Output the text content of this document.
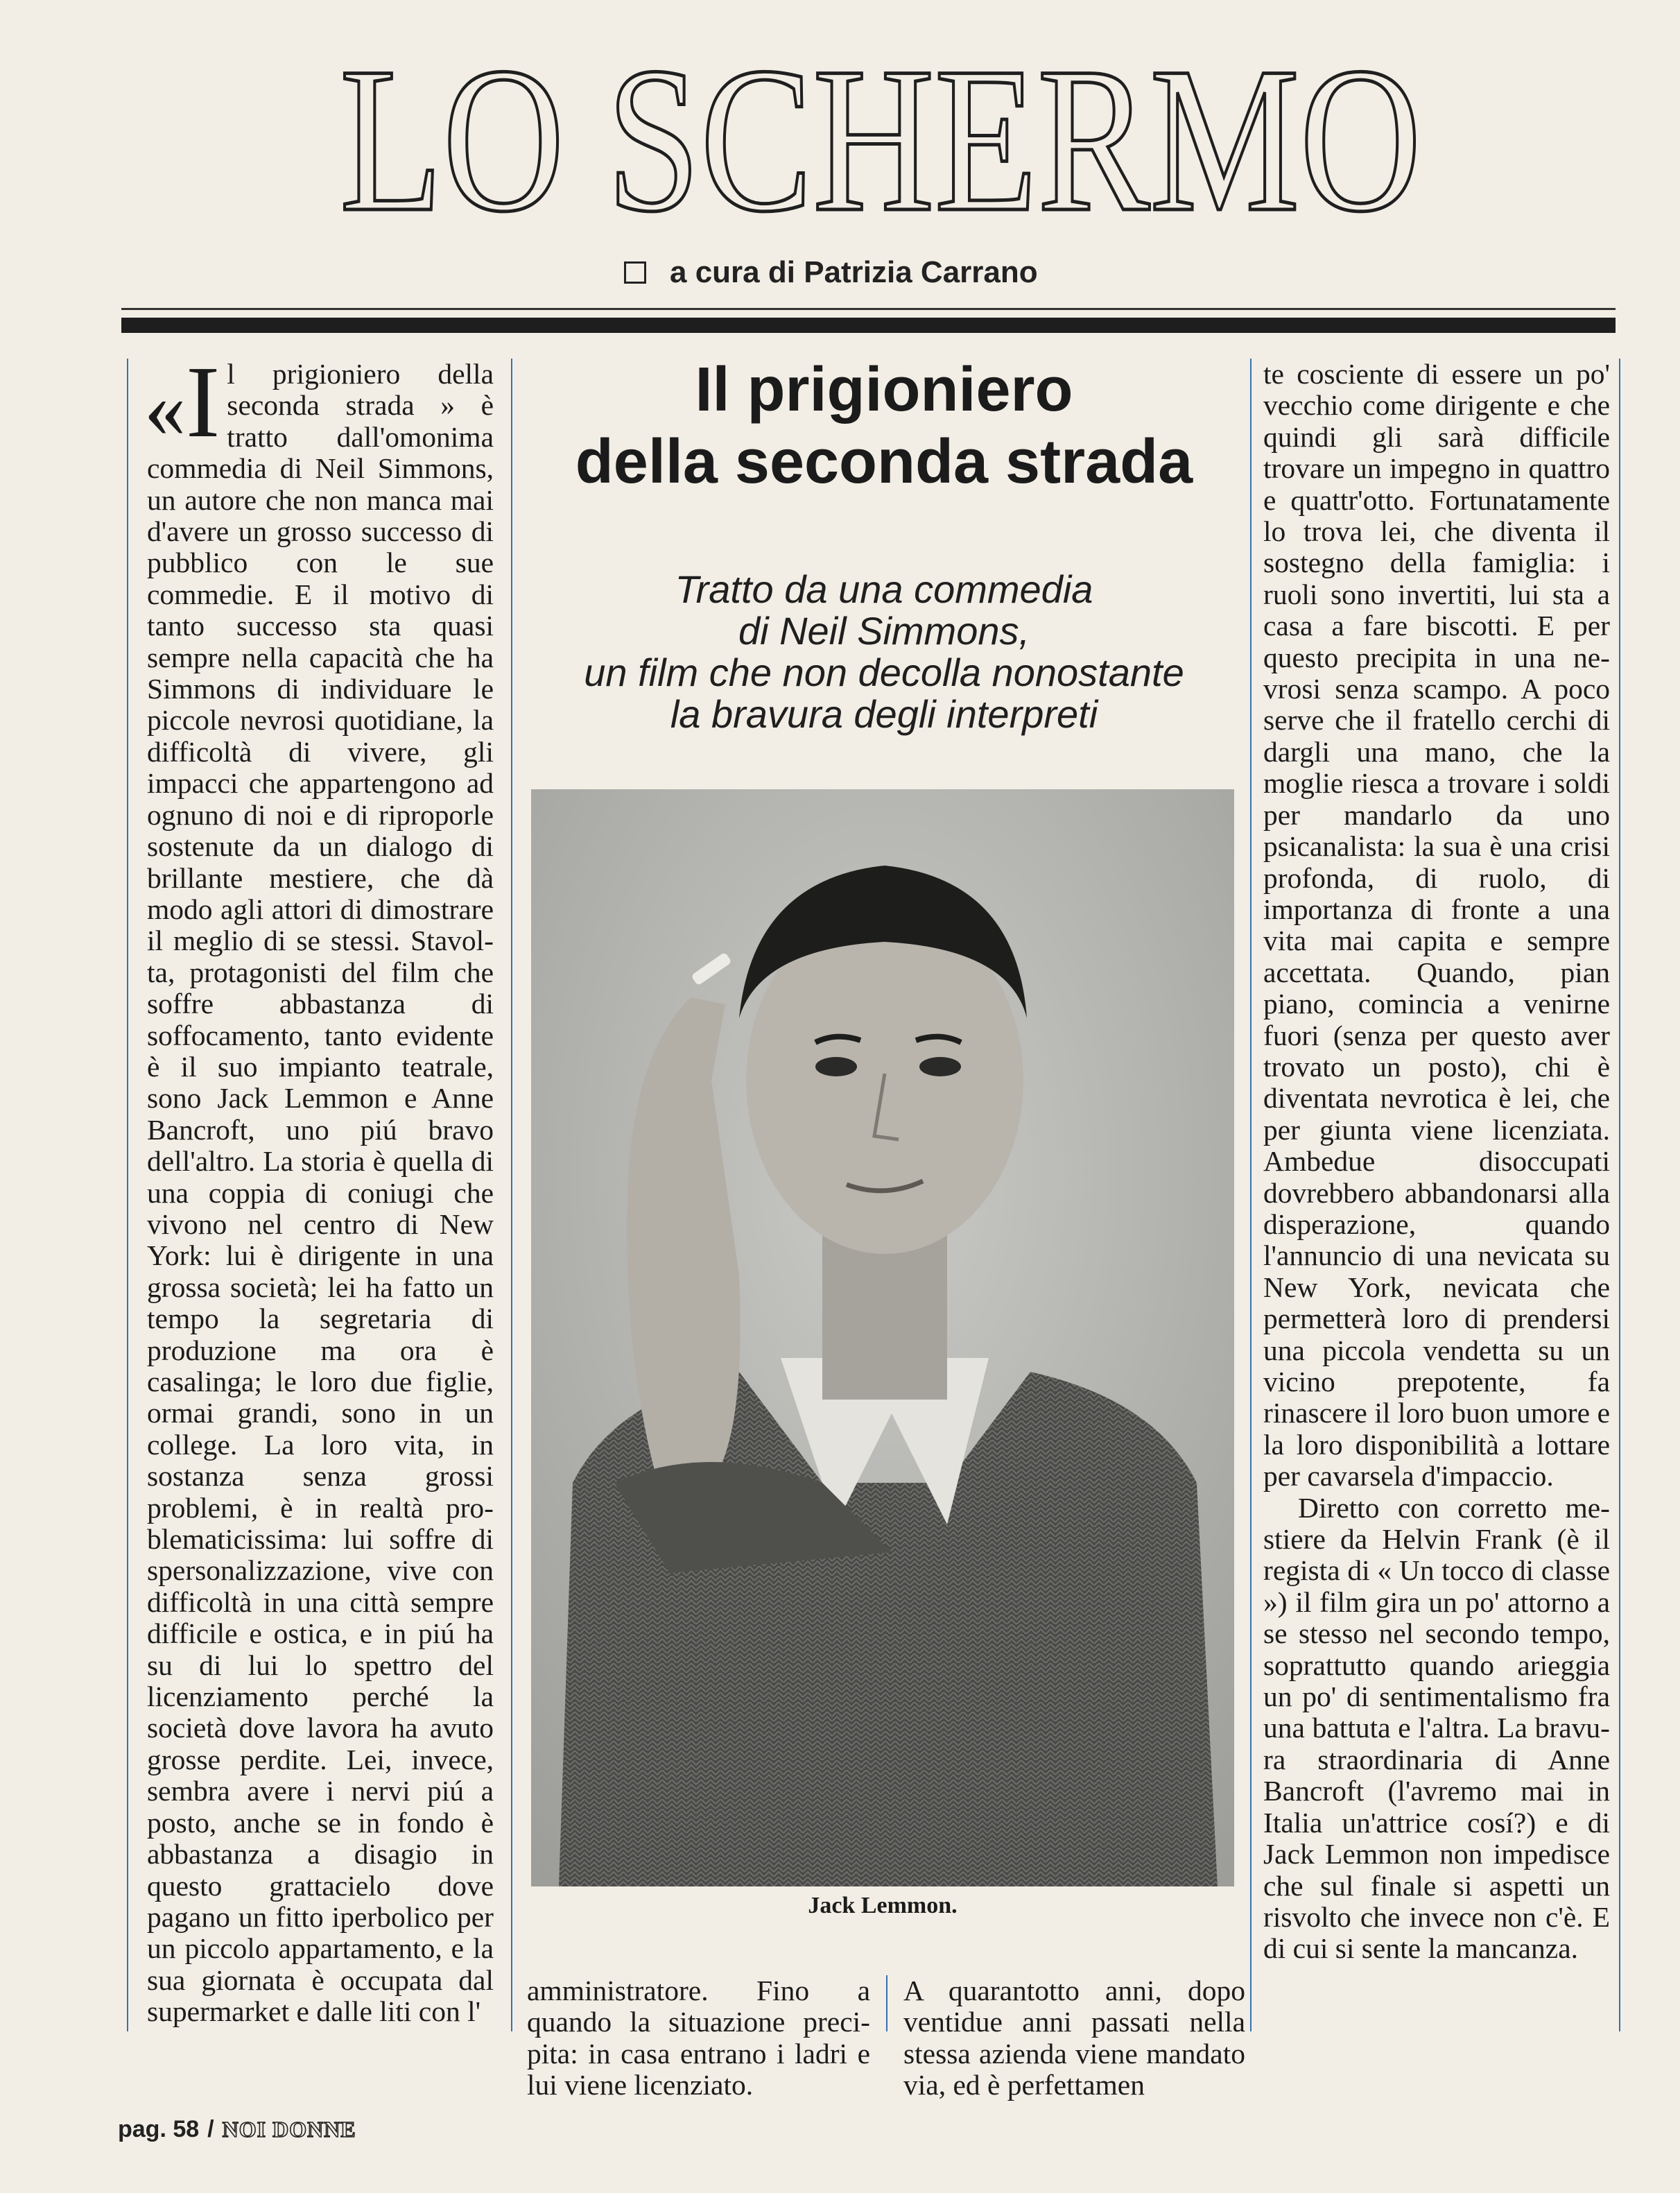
LO SCHERMO
a cura di Patrizia Carrano

«I l prigioniero della seconda strada » è tratto dall'omonima commedia di Neil Simmons, un autore che non manca mai d'avere un grosso successo di pubblico con le sue commedie. E il motivo di tanto successo sta quasi sempre nella capacità che ha Simmons di individuare le piccole nevrosi quotidiane, la difficoltà di vivere, gli impacci che appartengono ad ognuno di noi e di riproporle sostenute da un dialogo di brillante mestiere, che dà modo agli attori di dimostrare il meglio di se stessi. Stavolta, protagonisti del film che soffre abbastanza di soffocamento, tanto evidente è il suo impianto teatrale, sono Jack Lemmon e Anne Bancroft, uno piú bravo dell'altro. La storia è quella di una coppia di coniugi che vivono nel centro di New York: lui è dirigente in una grossa società; lei ha fatto un tempo la segretaria di produzione ma ora è casalinga; le loro due figlie, ormai grandi, sono in un college. La loro vita, in sostanza senza grossi problemi, è in realtà problematicissima: lui soffre di spersonalizzazione, vive con difficoltà in una città sempre difficile e ostica, e in piú ha su di lui lo spettro del licenziamento perché la società dove lavora ha avuto grosse perdite. Lei, invece, sembra avere i nervi piú a posto, anche se in fondo è abbastanza a disagio in questo grattacielo dove pagano un fitto iperbolico per un piccolo appartamento, e la sua giornata è occupata dal supermarket e dalle liti con l'

Il prigioniero
della seconda strada
Tratto da una commedia
di Neil Simmons,
un film che non decolla nonostante
la bravura degli interpreti
Jack Lemmon.

amministratore. Fino a quando la situazione precipita: in casa entrano i ladri e lui viene licenziato.

A quarantotto anni, dopo ventidue anni passati nella stessa azienda viene mandato via, ed è perfettamen

te cosciente di essere un po' vecchio come dirigente e che quindi gli sarà difficile trovare un impegno in quattro e quattr'otto. Fortunatamente lo trova lei, che diventa il sostegno della famiglia: i ruoli sono invertiti, lui sta a casa a fare biscotti. E per questo precipita in una nevrosi senza scampo. A poco serve che il fratello cerchi di dargli una mano, che la moglie riesca a trovare i soldi per mandarlo da uno psicanalista: la sua è una crisi profonda, di ruolo, di importanza di fronte a una vita mai capita e sempre accettata. Quando, pian piano, comincia a venirne fuori (senza per questo aver trovato un posto), chi è diventata nevrotica è lei, che per giunta viene licenziata. Ambedue disoccupati dovrebbero abbandonarsi alla disperazione, quando l'annuncio di una nevicata su New York, nevicata che permetterà loro di prendersi una piccola vendetta su un vicino prepotente, fa rinascere il loro buon umore e la loro disponibilità a lottare per cavarsela d'impaccio.

Diretto con corretto mestiere da Helvin Frank (è il regista di « Un tocco di classe ») il film gira un po' attorno a se stesso nel secondo tempo, soprattutto quando arieggia un po' di sentimentalismo fra una battuta e l'altra. La bravura straordinaria di Anne Bancroft (l'avremo mai in Italia un'attrice cosí?) e di Jack Lemmon non impedisce che sul finale si aspetti un risvolto che invece non c'è. E di cui si sente la mancanza.

pag. 58 / NOI DONNE
